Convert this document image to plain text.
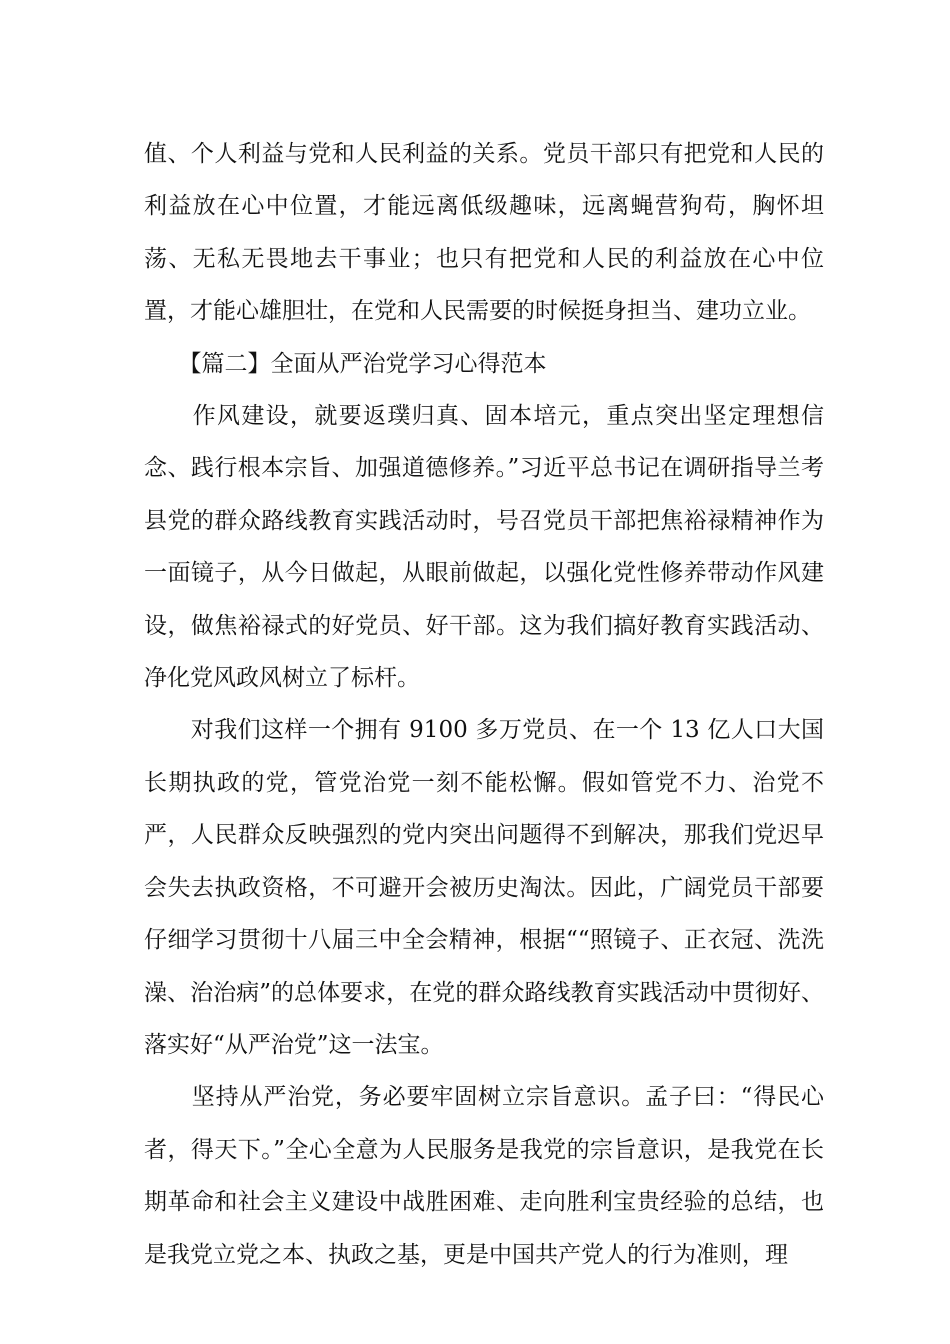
值、个人利益与党和人民利益的关系。党员干部只有把党和人民的利益放在心中位置，才能远离低级趣味，远离蝇营狗苟，胸怀坦荡、无私无畏地去干事业；也只有把党和人民的利益放在心中位置，才能心雄胆壮，在党和人民需要的时候挺身担当、建功立业。

　　【篇二】全面从严治党学习心得范本

　　作风建设，就要返璞归真、固本培元，重点突出坚定理想信念、践行根本宗旨、加强道德修养。”习近平总书记在调研指导兰考县党的群众路线教育实践活动时，号召党员干部把焦裕禄精神作为一面镜子，从今日做起，从眼前做起，以强化党性修养带动作风建设，做焦裕禄式的好党员、好干部。这为我们搞好教育实践活动、净化党风政风树立了标杆。

　　对我们这样一个拥有 9100 多万党员、在一个 13 亿人口大国长期执政的党，管党治党一刻不能松懈。假如管党不力、治党不严，人民群众反映强烈的党内突出问题得不到解决，那我们党迟早会失去执政资格，不可避开会被历史淘汰。因此，广阔党员干部要仔细学习贯彻十八届三中全会精神，根据““照镜子、正衣冠、洗洗澡、治治病”的总体要求，在党的群众路线教育实践活动中贯彻好、落实好“从严治党”这一法宝。

　　坚持从严治党，务必要牢固树立宗旨意识。孟子曰：“得民心者，得天下。”全心全意为人民服务是我党的宗旨意识，是我党在长期革命和社会主义建设中战胜困难、走向胜利宝贵经验的总结，也是我党立党之本、执政之基，更是中国共产党人的行为准则，理
